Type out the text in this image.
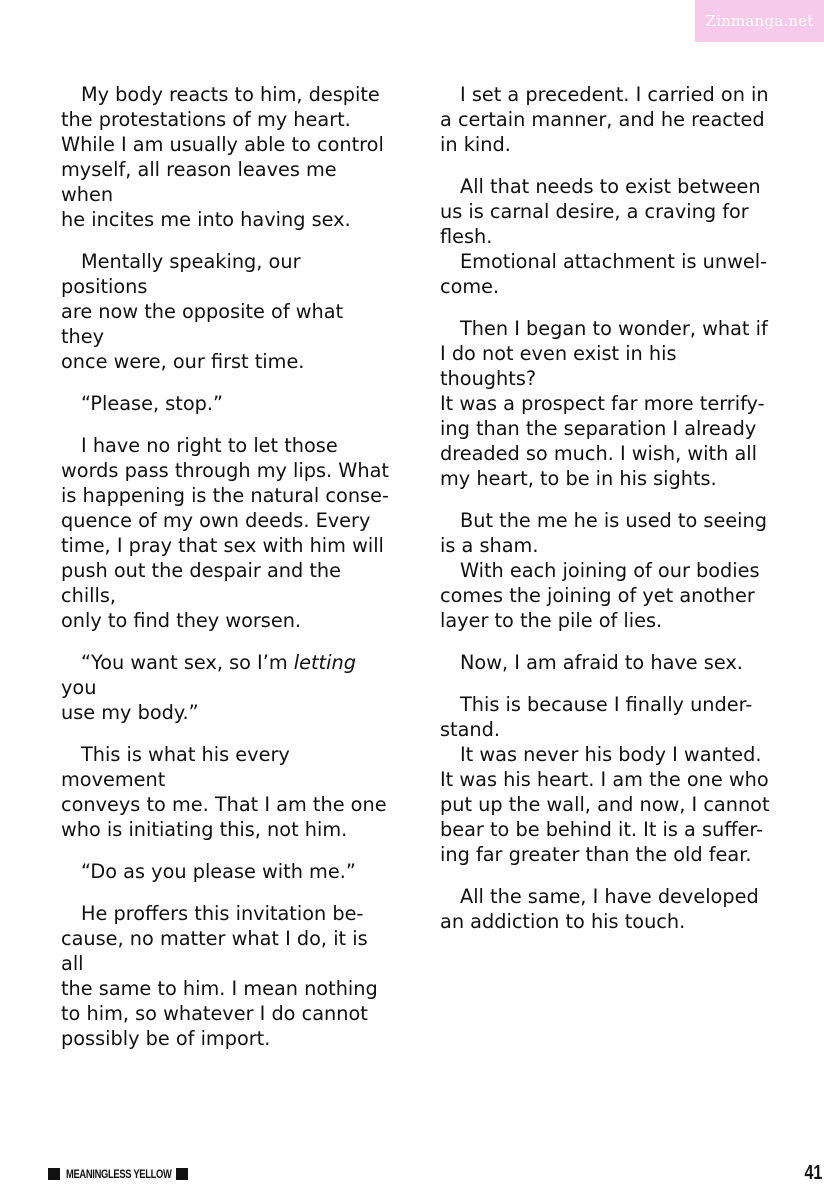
Zinmanga.net

My body reacts to him, despite
the protestations of my heart.
While I am usually able to control
myself, all reason leaves me when
he incites me into having sex.

Mentally speaking, our positions
are now the opposite of what they
once were, our first time.

“Please, stop.”

I have no right to let those
words pass through my lips. What
is happening is the natural conse-
quence of my own deeds. Every
time, I pray that sex with him will
push out the despair and the chills,
only to find they worsen.

“You want sex, so I’m letting you
use my body.”

This is what his every movement
conveys to me. That I am the one
who is initiating this, not him.

“Do as you please with me.”

He proffers this invitation be-
cause, no matter what I do, it is all
the same to him. I mean nothing
to him, so whatever I do cannot
possibly be of import.

I set a precedent. I carried on in
a certain manner, and he reacted
in kind.

All that needs to exist between
us is carnal desire, a craving for
flesh.

Emotional attachment is unwel-
come.

Then I began to wonder, what if
I do not even exist in his thoughts?
It was a prospect far more terrify-
ing than the separation I already
dreaded so much. I wish, with all
my heart, to be in his sights.

But the me he is used to seeing
is a sham.

With each joining of our bodies
comes the joining of yet another
layer to the pile of lies.

Now, I am afraid to have sex.

This is because I finally under-
stand.

It was never his body I wanted.
It was his heart. I am the one who
put up the wall, and now, I cannot
bear to be behind it. It is a suffer-
ing far greater than the old fear.

All the same, I have developed
an addiction to his touch.

MEANINGLESS YELLOW	41
